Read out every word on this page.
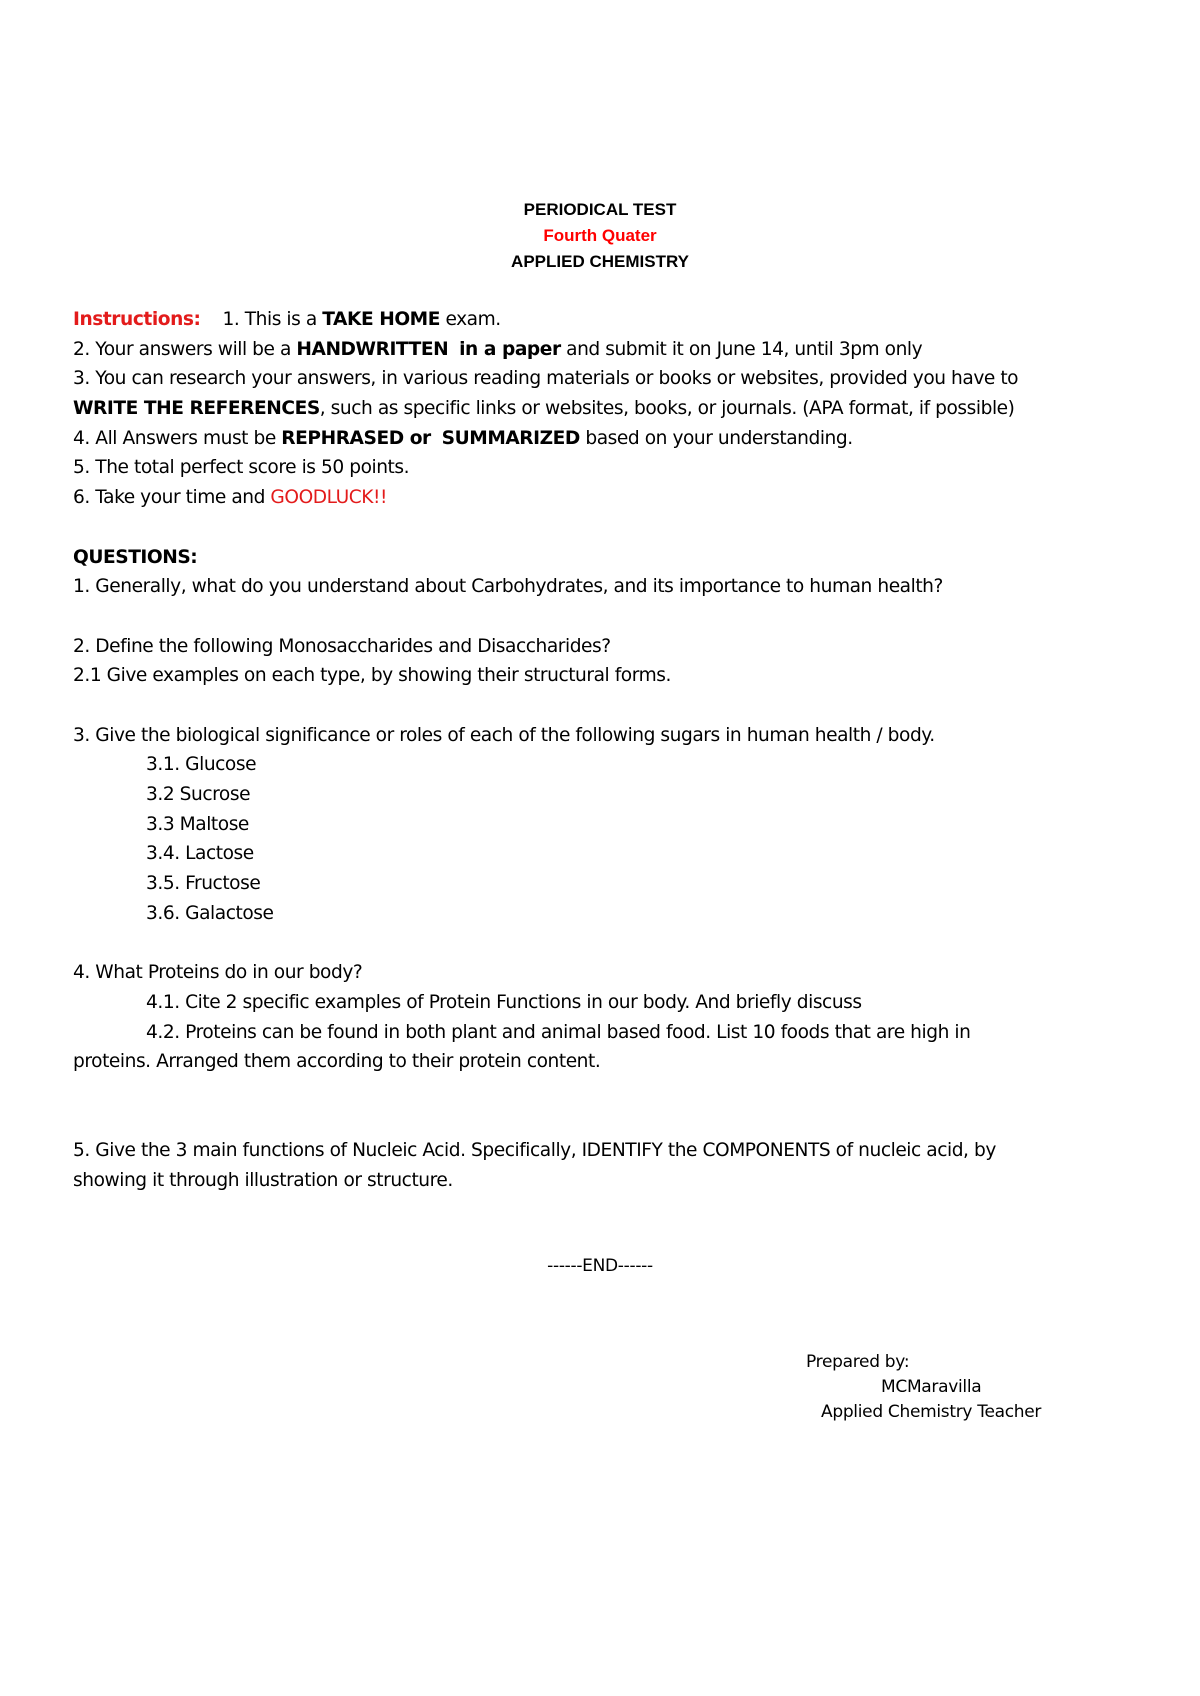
PERIODICAL TEST
Fourth Quater
APPLIED CHEMISTRY
Instructions: 1. This is a TAKE HOME exam.
2. Your answers will be a HANDWRITTEN in a paper and submit it on June 14, until 3pm only
3. You can research your answers, in various reading materials or books or websites, provided you have to
WRITE THE REFERENCES, such as specific links or websites, books, or journals. (APA format, if possible)
4. All Answers must be REPHRASED or SUMMARIZED based on your understanding.
5. The total perfect score is 50 points.
6. Take your time and GOODLUCK!!
QUESTIONS:
1. Generally, what do you understand about Carbohydrates, and its importance to human health?
2. Define the following Monosaccharides and Disaccharides?
2.1 Give examples on each type, by showing their structural forms.
3. Give the biological significance or roles of each of the following sugars in human health / body.
3.1. Glucose
3.2 Sucrose
3.3 Maltose
3.4. Lactose
3.5. Fructose
3.6. Galactose
4. What Proteins do in our body?
4.1. Cite 2 specific examples of Protein Functions in our body. And briefly discuss
4.2. Proteins can be found in both plant and animal based food. List 10 foods that are high in
proteins. Arranged them according to their protein content.
5. Give the 3 main functions of Nucleic Acid. Specifically, IDENTIFY the COMPONENTS of nucleic acid, by
showing it through illustration or structure.
------END------
Prepared by:
MCMaravilla
Applied Chemistry Teacher
